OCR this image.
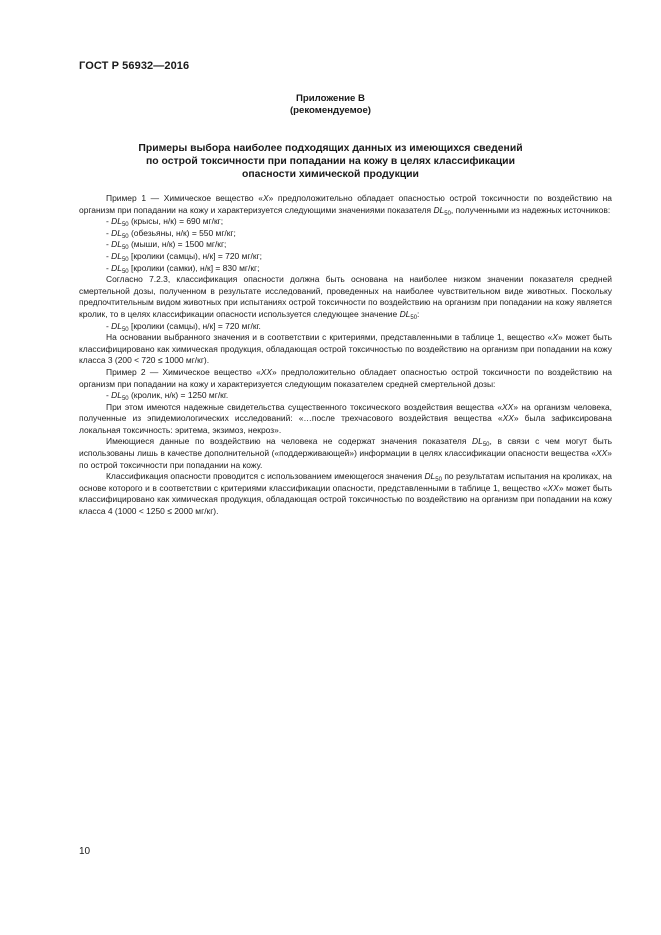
ГОСТ Р 56932—2016
Приложение В
(рекомендуемое)
Примеры выбора наиболее подходящих данных из имеющихся сведений
по острой токсичности при попадании на кожу в целях классификации
опасности химической продукции

Пример 1 — Химическое вещество «X» предположительно обладает опасностью острой токсичности по воздействию на организм при попадании на кожу и характеризуется следующими значениями показателя $DL_{50}$, полученными из надежных источников:

- $DL_{50}$ (крысы, н/к) = 690 мг/кг;

- $DL_{50}$ (обезьяны, н/к) = 550 мг/кг;

- $DL_{50}$ (мыши, н/к) = 1500 мг/кг;

- $DL_{50}$ [кролики (самцы), н/к] = 720 мг/кг;

- $DL_{50}$ [кролики (самки), н/к] = 830 мг/кг;

Согласно 7.2.3, классификация опасности должна быть основана на наиболее низком значении показателя средней смертельной дозы, полученном в результате исследований, проведенных на наиболее чувствительном виде животных. Поскольку предпочтительным видом животных при испытаниях острой токсичности по воздействию на организм при попадании на кожу является кролик, то в целях классификации опасности используется следующее значение $DL_{50}$:

- $DL_{50}$ [кролики (самцы), н/к] = 720 мг/кг.

На основании выбранного значения и в соответствии с критериями, представленными в таблице 1, вещество «X» может быть классифицировано как химическая продукция, обладающая острой токсичностью по воздействию на организм при попадании на кожу класса 3 (200 < 720 ≤ 1000 мг/кг).

Пример 2 — Химическое вещество «XX» предположительно обладает опасностью острой токсичности по воздействию на организм при попадании на кожу и характеризуется следующим показателем средней смертельной дозы:

- $DL_{50}$ (кролик, н/к) = 1250 мг/кг.

При этом имеются надежные свидетельства существенного токсического воздействия вещества «XX» на организм человека, полученные из эпидемиологических исследований: «…после трехчасового воздействия вещества «XX» была зафиксирована локальная токсичность: эритема, экзимоз, некроз».

Имеющиеся данные по воздействию на человека не содержат значения показателя $DL_{50}$, в связи с чем могут быть использованы лишь в качестве дополнительной («поддерживающей») информации в целях классификации опасности вещества «XX» по острой токсичности при попадании на кожу.

Классификация опасности проводится с использованием имеющегося значения $DL_{50}$ по результатам испытания на кроликах, на основе которого и в соответствии с критериями классификации опасности, представленными в таблице 1, вещество «XX» может быть классифицировано как химическая продукция, обладающая острой токсичностью по воздействию на организм при попадании на кожу класса 4 (1000 < 1250 ≤ 2000 мг/кг).

10
